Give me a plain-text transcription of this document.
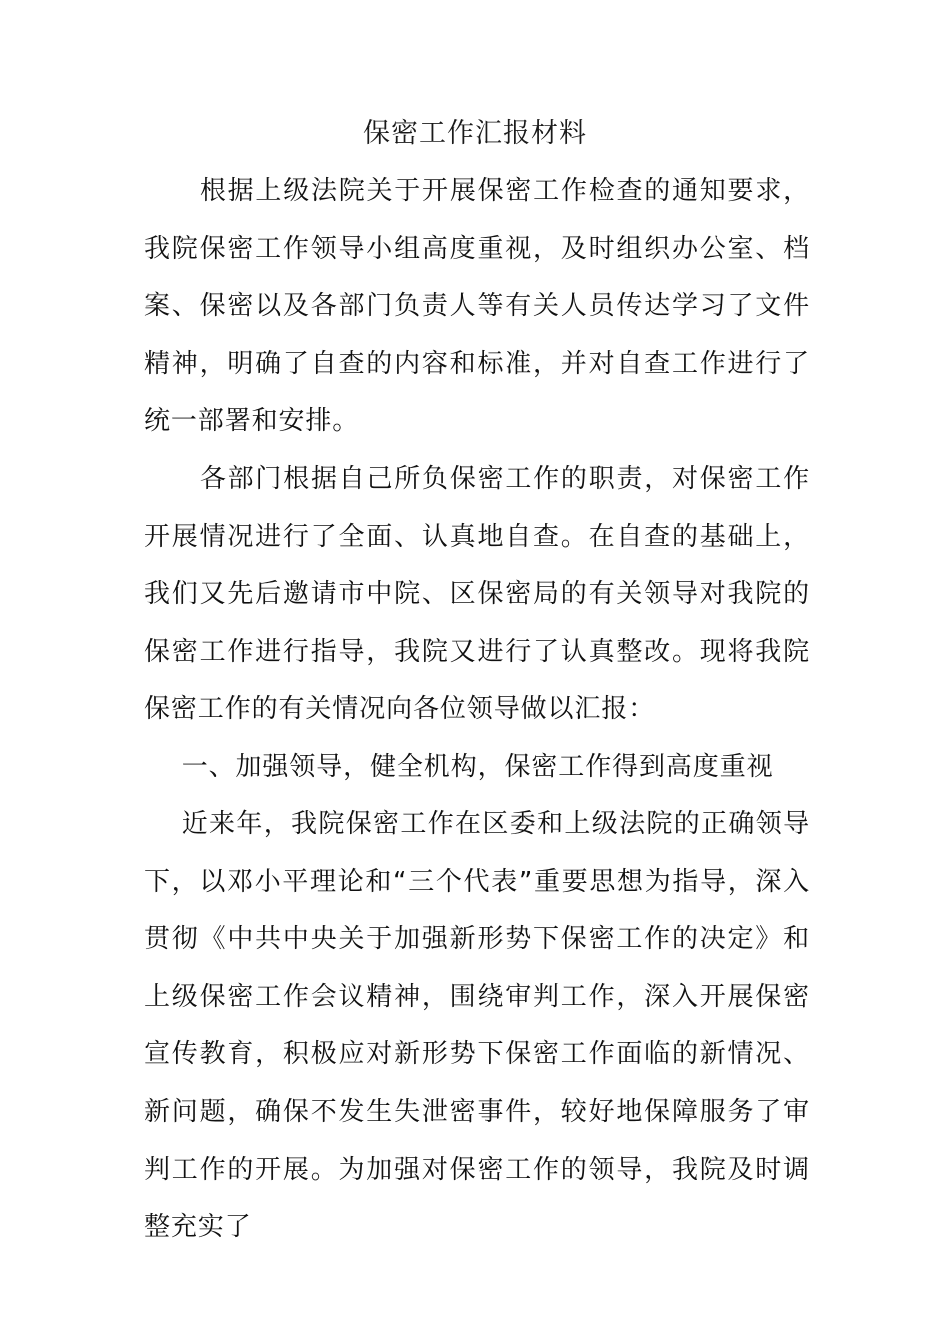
保密工作汇报材料
根据上级法院关于开展保密工作检查的通知要求，我院保密工作领导小组高度重视，及时组织办公室、档案、保密以及各部门负责人等有关人员传达学习了文件精神，明确了自查的内容和标准，并对自查工作进行了统一部署和安排。
各部门根据自己所负保密工作的职责，对保密工作开展情况进行了全面、认真地自查。在自查的基础上，我们又先后邀请市中院、区保密局的有关领导对我院的保密工作进行指导，我院又进行了认真整改。现将我院保密工作的有关情况向各位领导做以汇报：
一、加强领导，健全机构，保密工作得到高度重视
近来年，我院保密工作在区委和上级法院的正确领导下，以邓小平理论和“三个代表”重要思想为指导，深入贯彻《中共中央关于加强新形势下保密工作的决定》和上级保密工作会议精神，围绕审判工作，深入开展保密宣传教育，积极应对新形势下保密工作面临的新情况、新问题，确保不发生失泄密事件，较好地保障服务了审判工作的开展。为加强对保密工作的领导，我院及时调整充实了
